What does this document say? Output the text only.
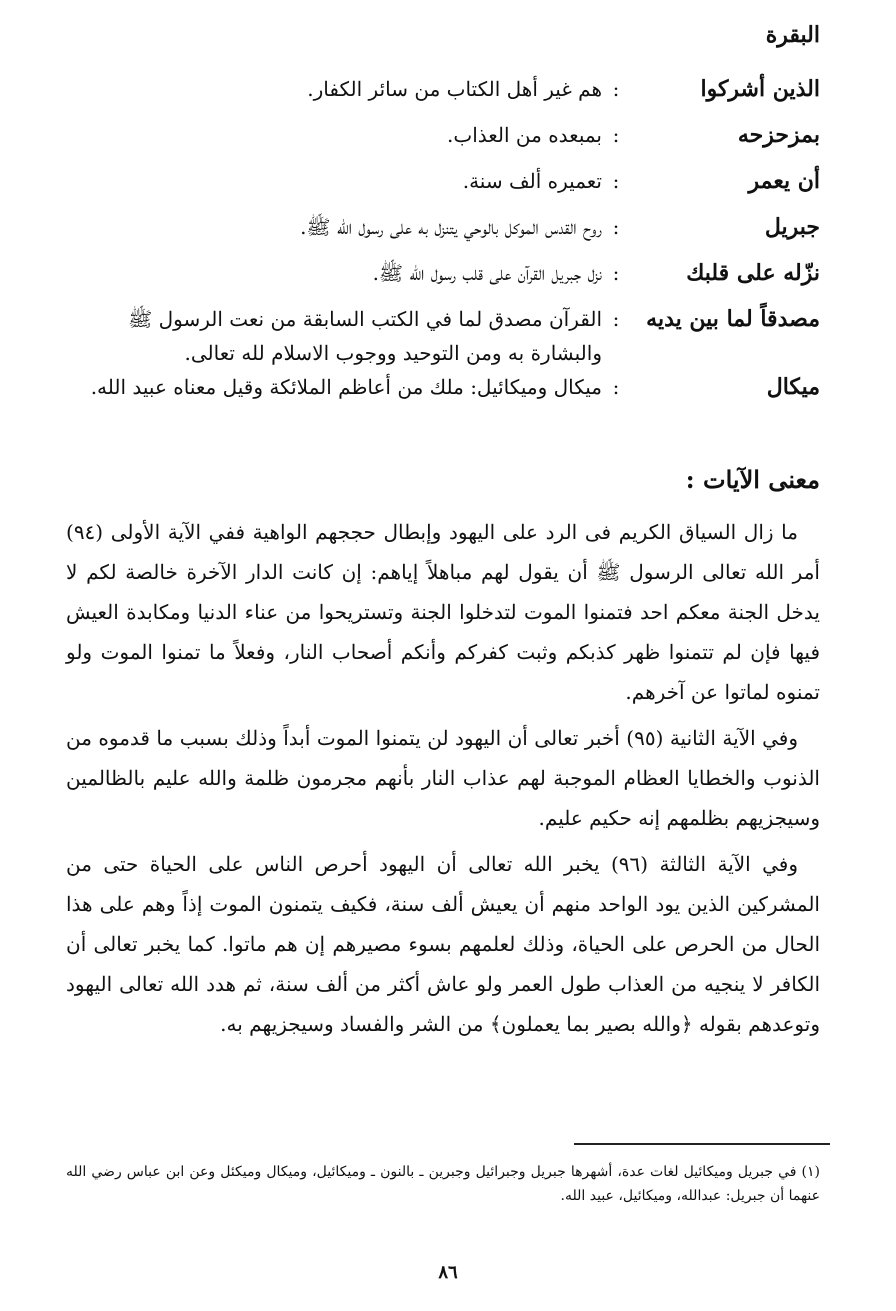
البقرة
الذين أشركوا
:
هم غير أهل الكتاب من سائر الكفار.
بمزحزحه
:
بمبعده من العذاب.
أن يعمر
:
تعميره ألف سنة.
جبريل
:
روح القدس الموكل بالوحي يتنزل به على رسول الله ﷺ.
نزّله على قلبك
:
نزل جبريل القرآن على قلب رسول الله ﷺ.
مصدقاً لما بين يديه
:
القرآن مصدق لما في الكتب السابقة من نعت الرسول ﷺ والبشارة به ومن التوحيد ووجوب الاسلام لله تعالى.
ميكال
:
ميكال وميكائيل: ملك من أعاظم الملائكة وقيل معناه عبيد الله.
معنى الآيات :

ما زال السياق الكريم فى الرد على اليهود وإبطال حججهم الواهية ففي الآية الأولى (٩٤) أمر الله تعالى الرسول ﷺ أن يقول لهم مباهلاً إياهم: إن كانت الدار الآخرة خالصة لكم لا يدخل الجنة معكم احد فتمنوا الموت لتدخلوا الجنة وتستريحوا من عناء الدنيا ومكابدة العيش فيها فإن لم تتمنوا ظهر كذبكم وثبت كفركم وأنكم أصحاب النار، وفعلاً ما تمنوا الموت ولو تمنوه لماتوا عن آخرهم.

وفي الآية الثانية (٩٥) أخبر تعالى أن اليهود لن يتمنوا الموت أبداً وذلك بسبب ما قدموه من الذنوب والخطايا العظام الموجبة لهم عذاب النار بأنهم مجرمون ظلمة والله عليم بالظالمين وسيجزيهم بظلمهم إنه حكيم عليم.

وفي الآية الثالثة (٩٦) يخبر الله تعالى أن اليهود أحرص الناس على الحياة حتى من المشركين الذين يود الواحد منهم أن يعيش ألف سنة، فكيف يتمنون الموت إذاً وهم على هذا الحال من الحرص على الحياة، وذلك لعلمهم بسوء مصيرهم إن هم ماتوا. كما يخبر تعالى أن الكافر لا ينجيه من العذاب طول العمر ولو عاش أكثر من ألف سنة، ثم هدد الله تعالى اليهود وتوعدهم بقوله ﴿والله بصير بما يعملون﴾ من الشر والفساد وسيجزيهم به.

(١) في جبريل وميكائيل لغات عدة، أشهرها جبريل وجبرائيل وجبرين ـ بالنون ـ وميكائيل، وميكال وميكئل وعن ابن عباس رضي الله عنهما أن جبريل: عبدالله، وميكائيل، عبيد الله.
٨٦
